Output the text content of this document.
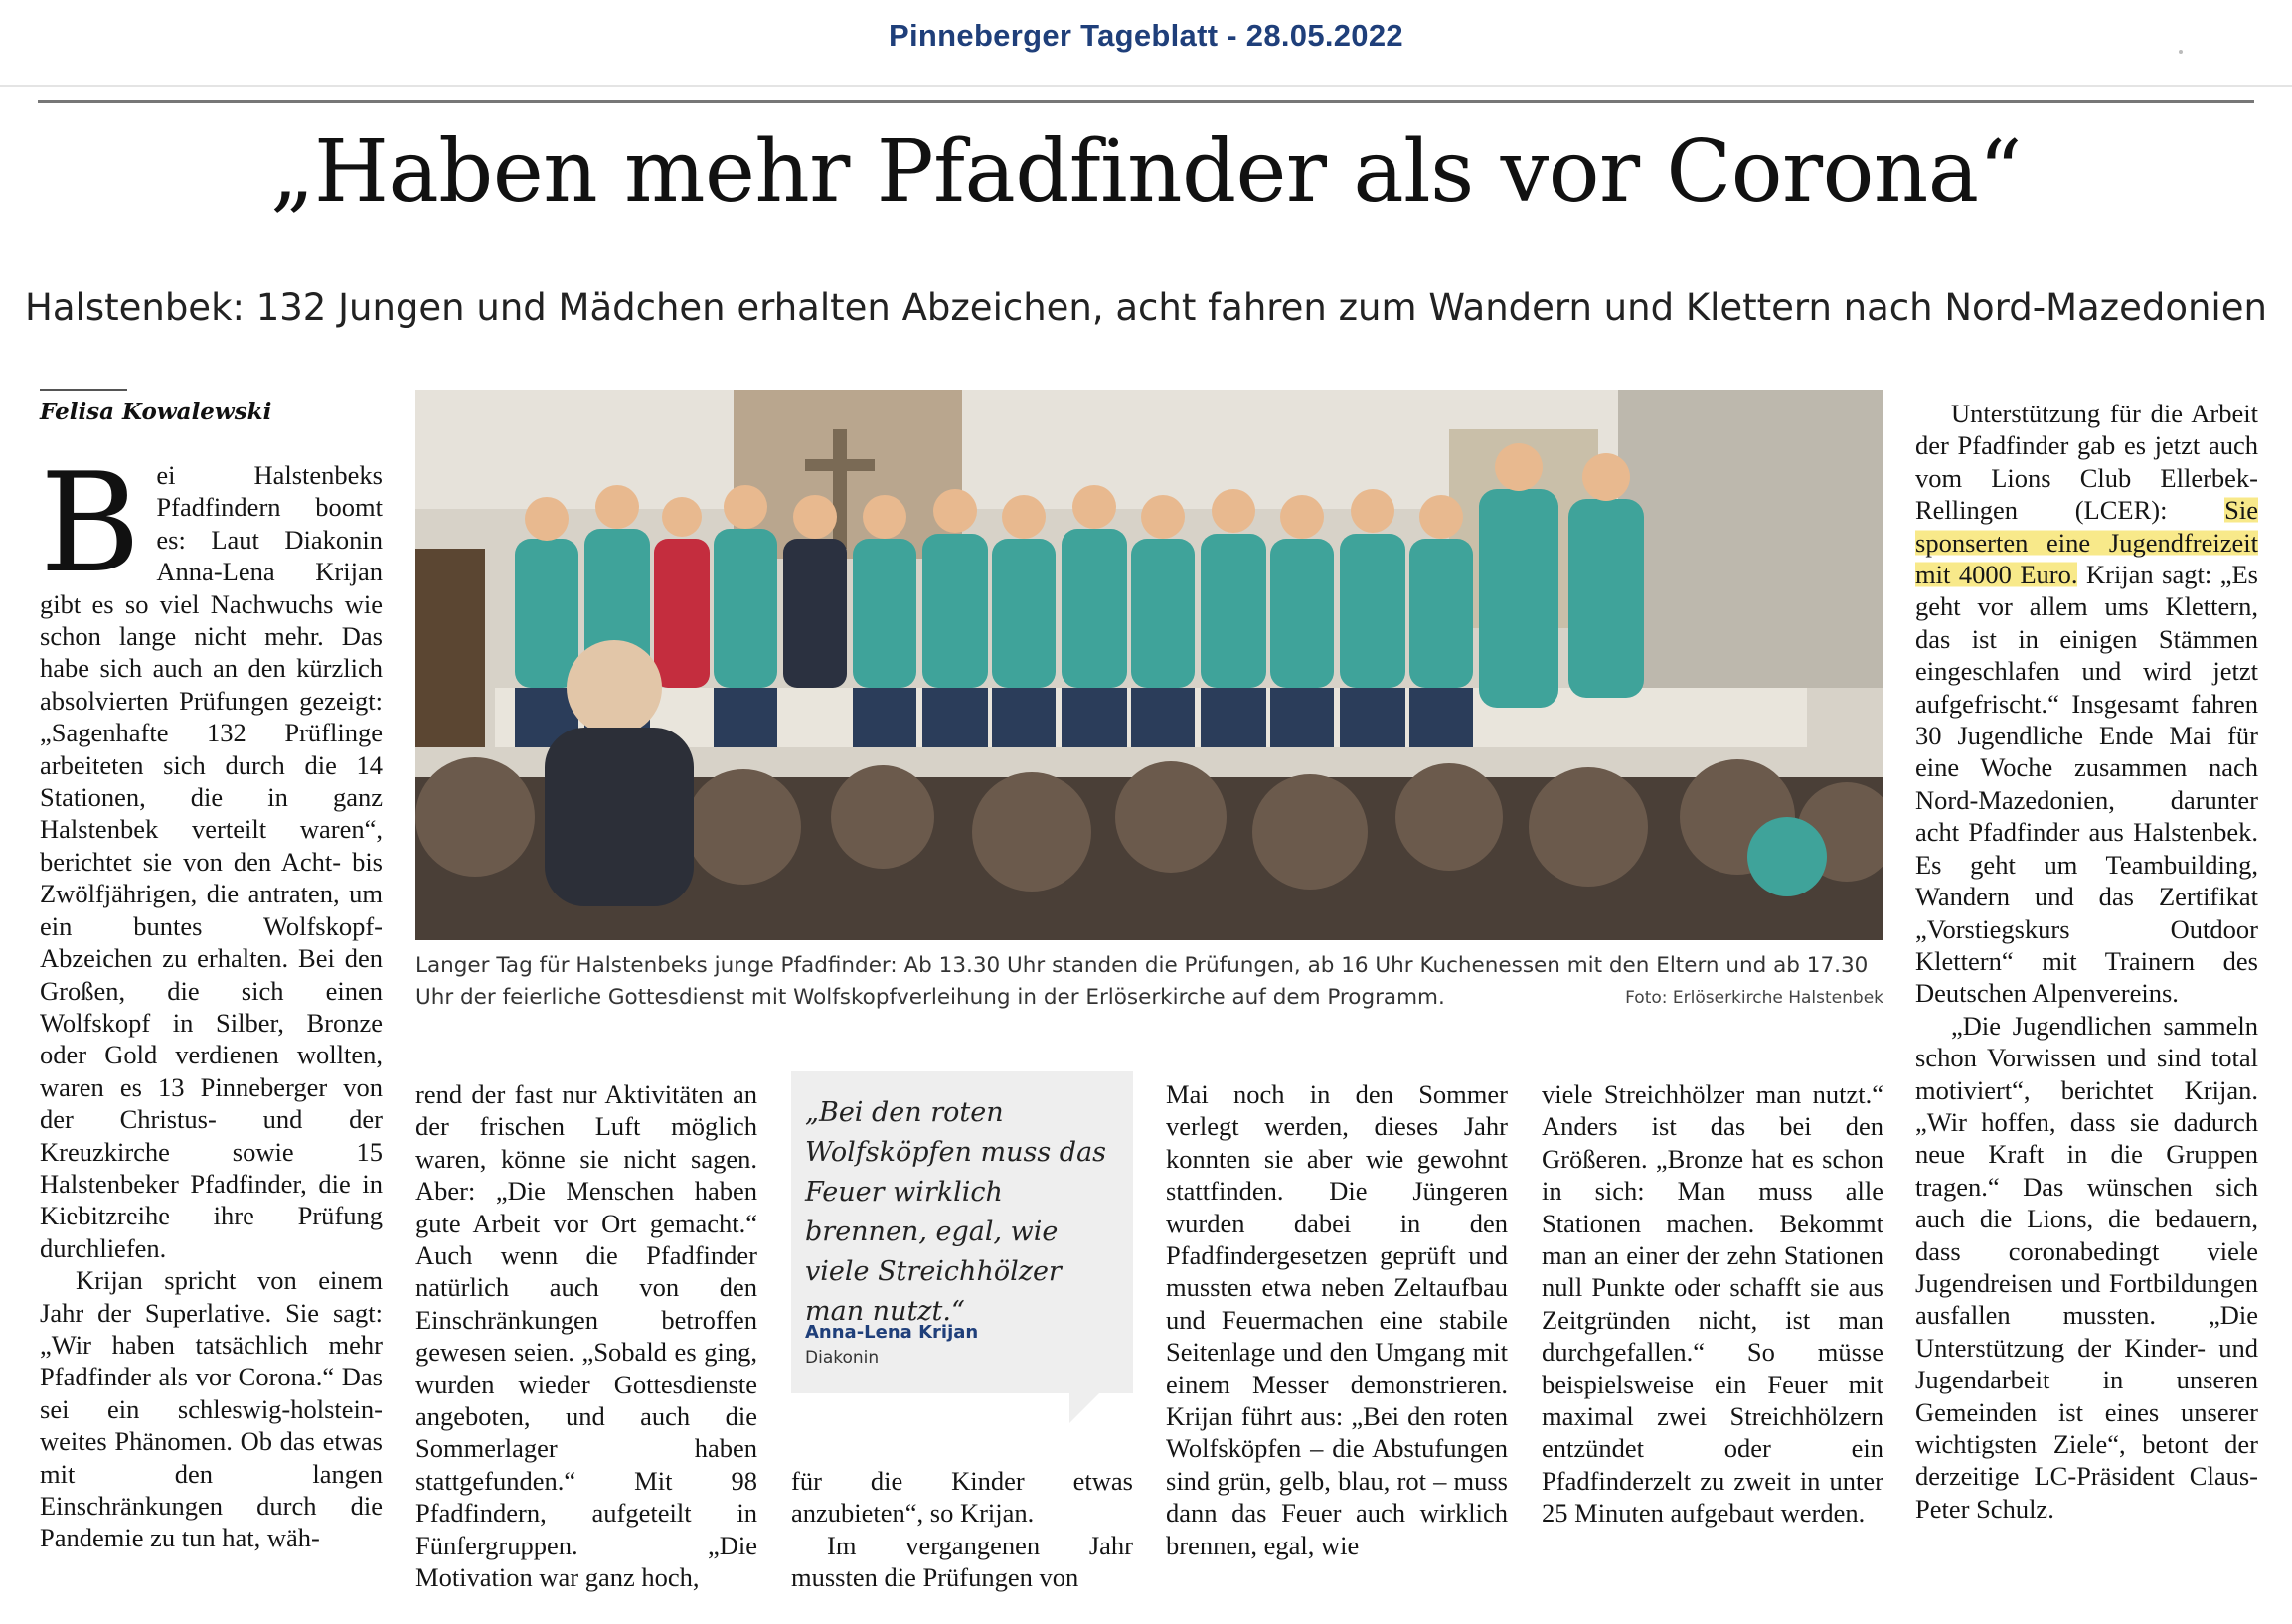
Pinneberger Tageblatt - 28.05.2022
„Haben mehr Pfadfinder als vor Corona“
Halstenbek: 132 Jungen und Mädchen erhalten Abzeichen, acht fahren zum Wandern und Klettern nach Nord-Mazedonien
Felisa Kowalewski

Bei Halstenbeks Pfadfindern boomt es: Laut Diakonin Anna-Lena Krijan gibt es so viel Nachwuchs wie schon lange nicht mehr. Das habe sich auch an den kürzlich absolvierten Prüfungen gezeigt: „Sagenhafte 132 Prüflinge arbeiteten sich durch die 14 Stationen, die in ganz Halstenbek verteilt waren“, berichtet sie von den Acht- bis Zwölfjährigen, die antraten, um ein buntes Wolfskopf-Abzeichen zu erhalten. Bei den Großen, die sich einen Wolfskopf in Silber, Bronze oder Gold verdienen wollten, waren es 13 Pinneberger von der Christus- und der Kreuzkirche sowie 15 Halstenbeker Pfadfinder, die in Kiebitzreihe ihre Prüfung durchliefen.

Krijan spricht von einem Jahr der Superlative. Sie sagt: „Wir haben tatsächlich mehr Pfadfinder als vor Corona.“ Das sei ein schleswig-holstein-weites Phänomen. Ob das etwas mit den langen Einschränkungen durch die Pandemie zu tun hat, wäh-

Langer Tag für Halstenbeks junge Pfadfinder: Ab 13.30 Uhr standen die Prüfungen, ab 16 Uhr Kuchenessen mit den Eltern und ab 17.30 Uhr der feierliche Gottesdienst mit Wolfskopfverleihung in der Erlöserkirche auf dem Programm.	Foto: Erlöserkirche Halstenbek

rend der fast nur Aktivitäten an der frischen Luft möglich waren, könne sie nicht sagen. Aber: „Die Menschen haben gute Arbeit vor Ort gemacht.“ Auch wenn die Pfadfinder natürlich auch von den Einschränkungen betroffen gewesen seien. „Sobald es ging, wurden wieder Gottesdienste angeboten, und auch die Sommerlager haben stattgefunden.“ Mit 98 Pfadfindern, aufgeteilt in Fünfergruppen. „Die Motivation war ganz hoch,

„Bei den roten Wolfsköpfen muss das Feuer wirklich brennen, egal, wie viele Streichhölzer man nutzt.“
Anna-Lena Krijan
Diakonin

für die Kinder etwas anzubieten“, so Krijan.

Im vergangenen Jahr mussten die Prüfungen von

Mai noch in den Sommer verlegt werden, dieses Jahr konnten sie aber wie gewohnt stattfinden. Die Jüngeren wurden dabei in den Pfadfindergesetzen geprüft und mussten etwa neben Zeltaufbau und Feuermachen eine stabile Seitenlage und den Umgang mit einem Messer demonstrieren. Krijan führt aus: „Bei den roten Wolfsköpfen – die Abstufungen sind grün, gelb, blau, rot – muss dann das Feuer auch wirklich brennen, egal, wie

viele Streichhölzer man nutzt.“ Anders ist das bei den Größeren. „Bronze hat es schon in sich: Man muss alle Stationen machen. Bekommt man an einer der zehn Stationen null Punkte oder schafft sie aus Zeitgründen nicht, ist man durchgefallen.“ So müsse beispielsweise ein Feuer mit maximal zwei Streichhölzern entzündet oder ein Pfadfinderzelt zu zweit in unter 25 Minuten aufgebaut werden.

Unterstützung für die Arbeit der Pfadfinder gab es jetzt auch vom Lions Club Ellerbek-Rellingen (LCER): Sie sponserten eine Jugendfreizeit mit 4000 Euro. Krijan sagt: „Es geht vor allem ums Klettern, das ist in einigen Stämmen eingeschlafen und wird jetzt aufgefrischt.“ Insgesamt fahren 30 Jugendliche Ende Mai für eine Woche zusammen nach Nord-Mazedonien, darunter acht Pfadfinder aus Halstenbek. Es geht um Teambuilding, Wandern und das Zertifikat „Vorstiegskurs Outdoor Klettern“ mit Trainern des Deutschen Alpenvereins.

„Die Jugendlichen sammeln schon Vorwissen und sind total motiviert“, berichtet Krijan. „Wir hoffen, dass sie dadurch neue Kraft in die Gruppen tragen.“ Das wünschen sich auch die Lions, die bedauern, dass coronabedingt viele Jugendreisen und Fortbildungen ausfallen mussten. „Die Unterstützung der Kinder- und Jugendarbeit in unseren Gemeinden ist eines unserer wichtigsten Ziele“, betont der derzeitige LC-Präsident Claus-Peter Schulz.
